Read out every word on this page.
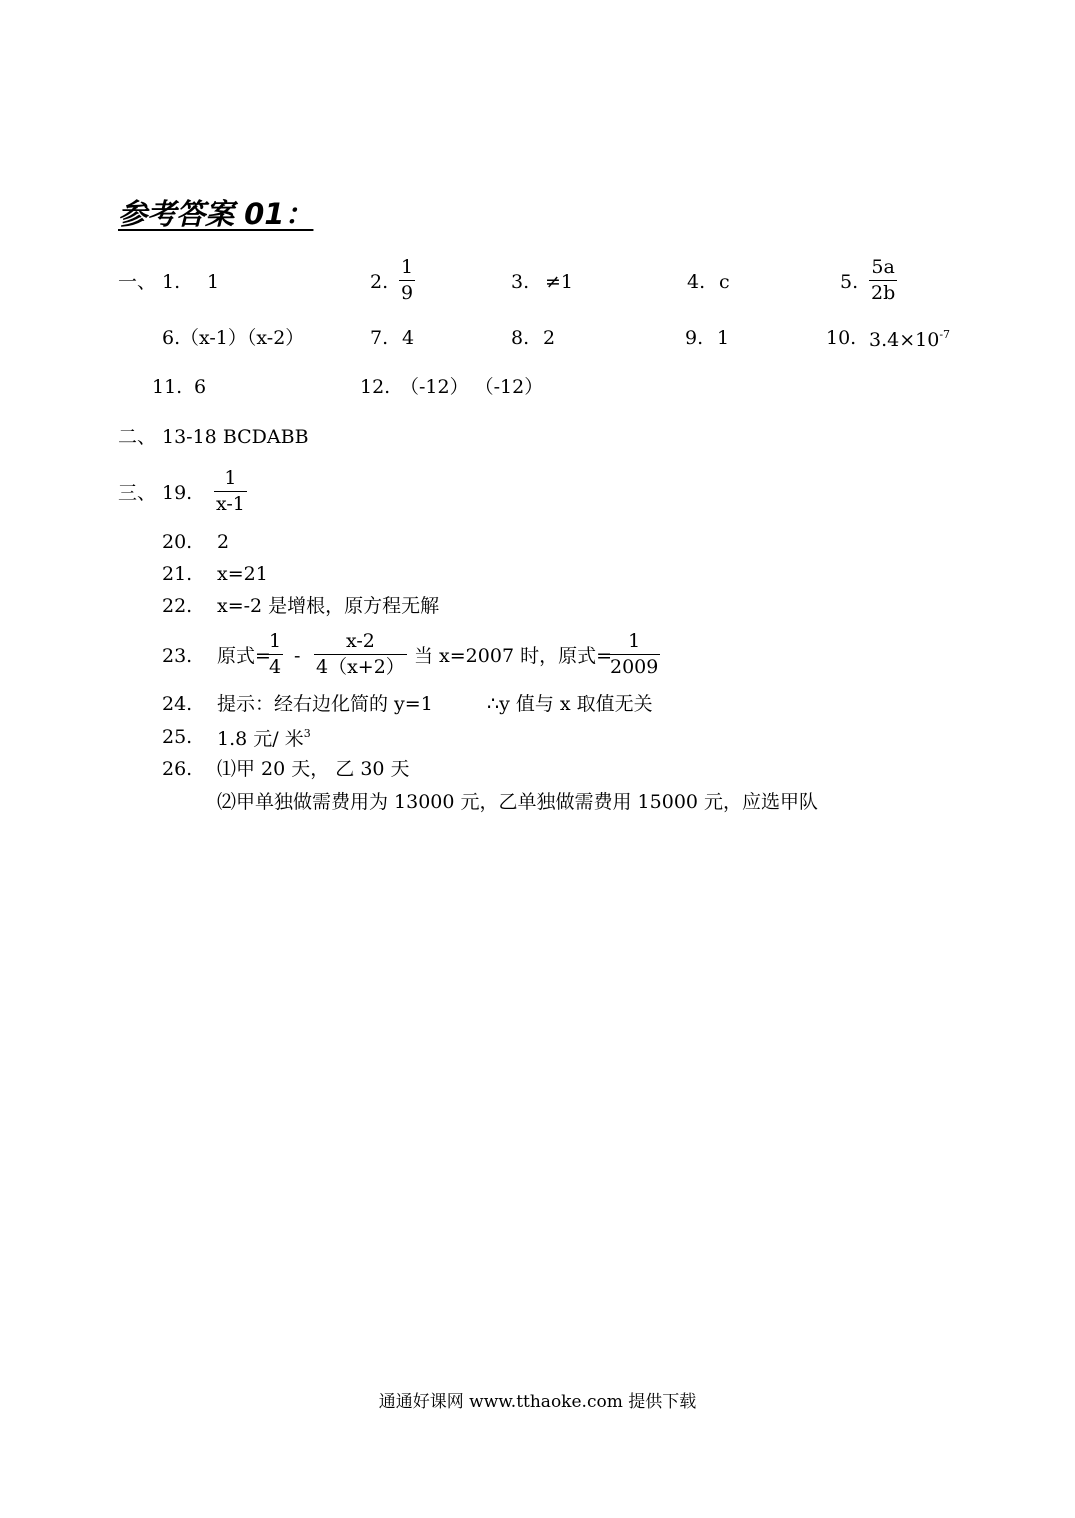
参考答案 01：
一、 1. 1	2. $\frac{1}{9}$	3. ≠1	4. c	5. $\frac{5a}{2b}$
6. （x-1）（x-2）	7. 4	8. 2	9. 1	10. $3.4\times 10^{-7}$
11. 6	12. （-12） （-12）
二、 13-18 BCDABB
三、 19. $\frac{1}{x-1}$
20. 2
21. x=21
22. x=-2 是增根，原方程无解
23. 原式=
$\frac{1}{4} - \frac{x-2}{4(x+2)}$ 当 x=2007 时，原式=
$\frac{1}{2009}$
24. 提示：经右边化简的 y=1	∴y 值与 x 取值无关
25. 1.8 元/ 米$^3$
26. ⑴甲 20 天， 乙 30 天
⑵甲单独做需费用为 13000 元，乙单独做需费用 15000 元，应选甲队
通通好课网 www.tthaoke.com 提供下载
